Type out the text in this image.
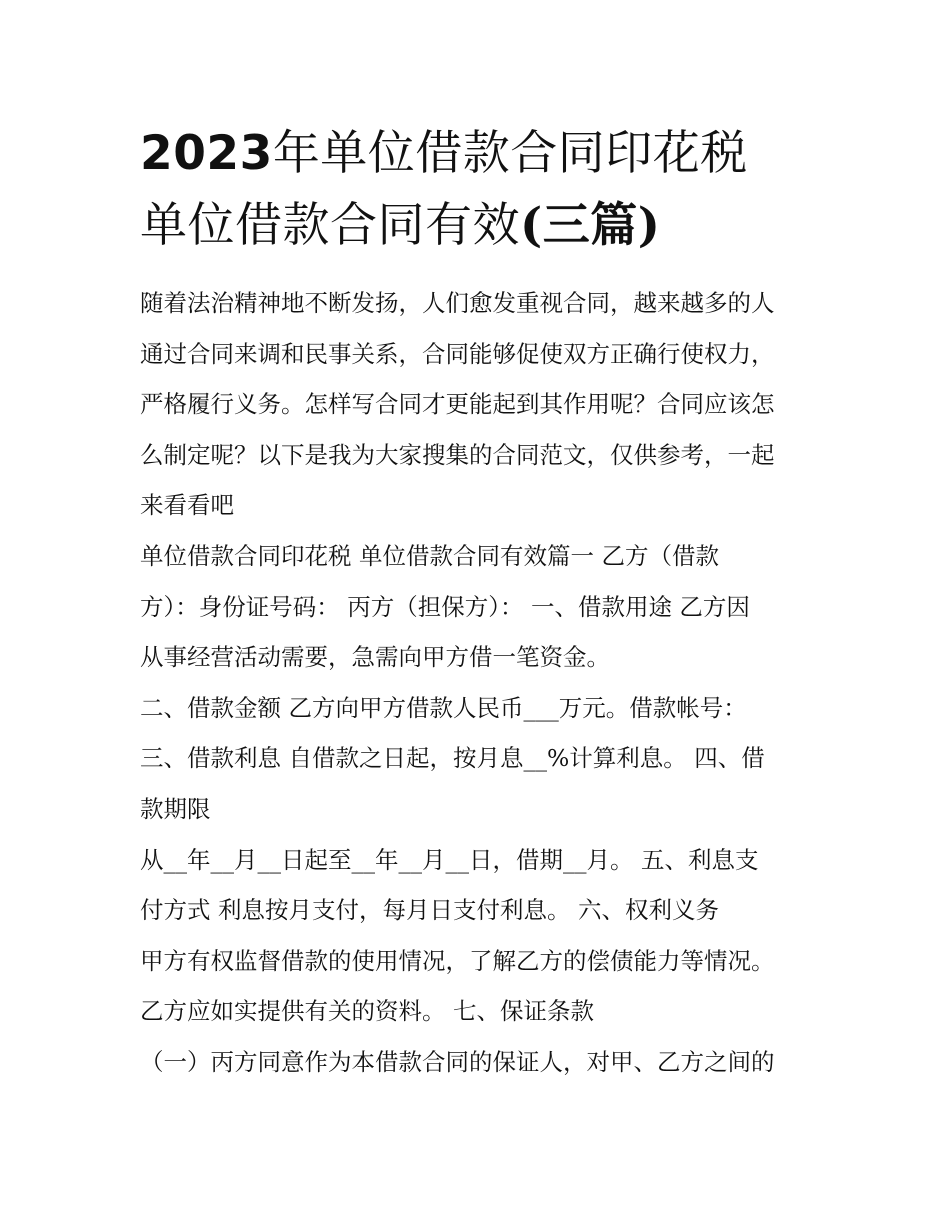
2023年单位借款合同印花税
单位借款合同有效(三篇)

随着法治精神地不断发扬，人们愈发重视合同，越来越多的人
通过合同来调和民事关系，合同能够促使双方正确行使权力，
严格履行义务。怎样写合同才更能起到其作用呢？合同应该怎
么制定呢？以下是我为大家搜集的合同范文，仅供参考，一起
来看看吧

单位借款合同印花税 单位借款合同有效篇一 乙方（借款
方）：身份证号码： 丙方（担保方）： 一、借款用途 乙方因
从事经营活动需要，急需向甲方借一笔资金。

二、借款金额 乙方向甲方借款人民币___万元。借款帐号：

三、借款利息 自借款之日起，按月息__%计算利息。 四、借
款期限

从__年__月__日起至__年__月__日，借期__月。 五、利息支
付方式 利息按月支付，每月日支付利息。 六、权利义务

甲方有权监督借款的使用情况，了解乙方的偿债能力等情况。
乙方应如实提供有关的资料。 七、保证条款

（一）丙方同意作为本借款合同的保证人，对甲、乙方之间的
